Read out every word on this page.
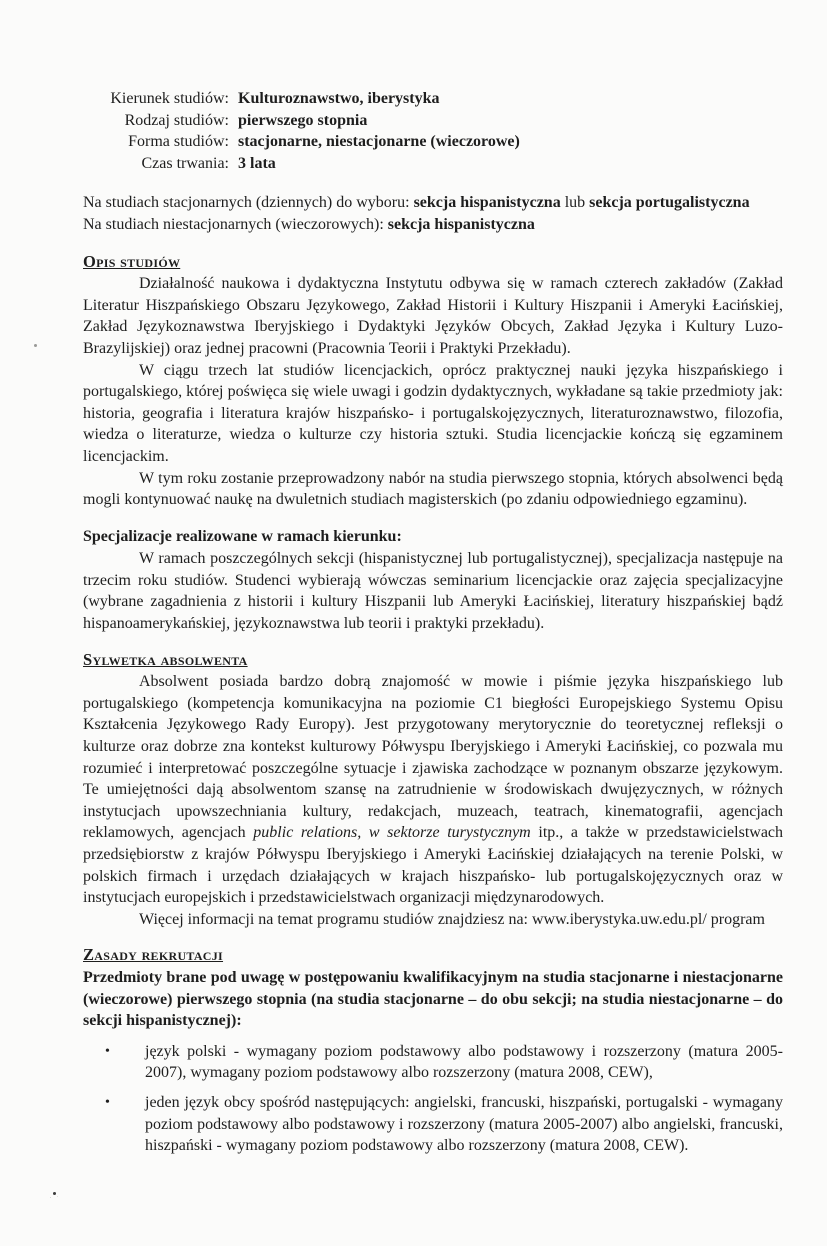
Kierunek studiów: Kulturoznawstwo, iberystyka
Rodzaj studiów: pierwszego stopnia
Forma studiów: stacjonarne, niestacjonarne (wieczorowe)
Czas trwania: 3 lata
Na studiach stacjonarnych (dziennych) do wyboru: sekcja hispanistyczna lub sekcja portugalistyczna
Na studiach niestacjonarnych (wieczorowych): sekcja hispanistyczna
Opis studiów

Działalność naukowa i dydaktyczna Instytutu odbywa się w ramach czterech zakładów (Zakład Literatur Hiszpańskiego Obszaru Językowego, Zakład Historii i Kultury Hiszpanii i Ameryki Łacińskiej, Zakład Językoznawstwa Iberyjskiego i Dydaktyki Języków Obcych, Zakład Języka i Kultury Luzo-Brazylijskiej) oraz jednej pracowni (Pracownia Teorii i Praktyki Przekładu).

W ciągu trzech lat studiów licencjackich, oprócz praktycznej nauki języka hiszpańskiego i portugalskiego, której poświęca się wiele uwagi i godzin dydaktycznych, wykładane są takie przedmioty jak: historia, geografia i literatura krajów hiszpańsko- i portugalskojęzycznych, literaturoznawstwo, filozofia, wiedza o literaturze, wiedza o kulturze czy historia sztuki. Studia licencjackie kończą się egzaminem licencjackim.

W tym roku zostanie przeprowadzony nabór na studia pierwszego stopnia, których absolwenci będą mogli kontynuować naukę na dwuletnich studiach magisterskich (po zdaniu odpowiedniego egzaminu).

Specjalizacje realizowane w ramach kierunku:

W ramach poszczególnych sekcji (hispanistycznej lub portugalistycznej), specjalizacja następuje na trzecim roku studiów. Studenci wybierają wówczas seminarium licencjackie oraz zajęcia specjalizacyjne (wybrane zagadnienia z historii i kultury Hiszpanii lub Ameryki Łacińskiej, literatury hiszpańskiej bądź hispanoamerykańskiej, językoznawstwa lub teorii i praktyki przekładu).

Sylwetka absolwenta

Absolwent posiada bardzo dobrą znajomość w mowie i piśmie języka hiszpańskiego lub portugalskiego (kompetencja komunikacyjna na poziomie C1 biegłości Europejskiego Systemu Opisu Kształcenia Językowego Rady Europy). Jest przygotowany merytorycznie do teoretycznej refleksji o kulturze oraz dobrze zna kontekst kulturowy Półwyspu Iberyjskiego i Ameryki Łacińskiej, co pozwala mu rozumieć i interpretować poszczególne sytuacje i zjawiska zachodzące w poznanym obszarze językowym. Te umiejętności dają absolwentom szansę na zatrudnienie w środowiskach dwujęzycznych, w różnych instytucjach upowszechniania kultury, redakcjach, muzeach, teatrach, kinematografii, agencjach reklamowych, agencjach public relations, w sektorze turystycznym itp., a także w przedstawicielstwach przedsiębiorstw z krajów Półwyspu Iberyjskiego i Ameryki Łacińskiej działających na terenie Polski, w polskich firmach i urzędach działających w krajach hiszpańsko- lub portugalskojęzycznych oraz w instytucjach europejskich i przedstawicielstwach organizacji międzynarodowych.

Więcej informacji na temat programu studiów znajdziesz na: www.iberystyka.uw.edu.pl/ program

Zasady rekrutacji

Przedmioty brane pod uwagę w postępowaniu kwalifikacyjnym na studia stacjonarne i niestacjonarne (wieczorowe) pierwszego stopnia (na studia stacjonarne – do obu sekcji; na studia niestacjonarne – do sekcji hispanistycznej):

•	język polski - wymagany poziom podstawowy albo podstawowy i rozszerzony (matura 2005-2007), wymagany poziom podstawowy albo rozszerzony (matura 2008, CEW),
•	jeden język obcy spośród następujących: angielski, francuski, hiszpański, portugalski - wymagany poziom podstawowy albo podstawowy i rozszerzony (matura 2005-2007) albo angielski, francuski, hiszpański - wymagany poziom podstawowy albo rozszerzony (matura 2008, CEW).
